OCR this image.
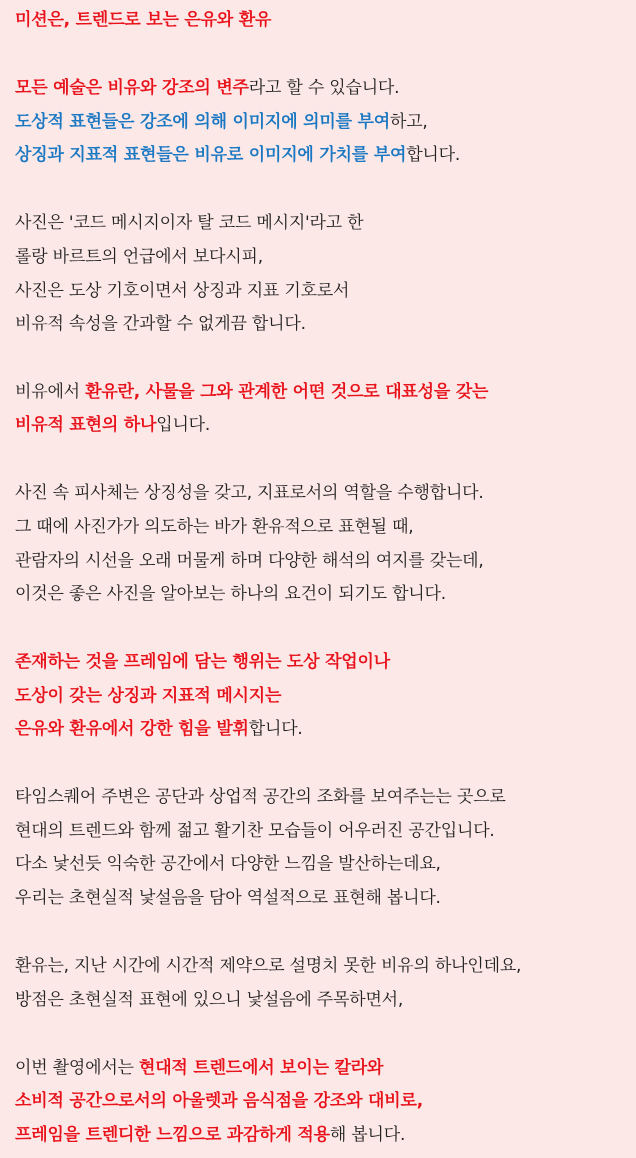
미션은, 트렌드로 보는 은유와 환유
모든 예술은 비유와 강조의 변주라고 할 수 있습니다.
도상적 표현들은 강조에 의해 이미지에 의미를 부여하고,
상징과 지표적 표현들은 비유로 이미지에 가치를 부여합니다.
사진은 '코드 메시지이자 탈 코드 메시지'라고 한
롤랑 바르트의 언급에서 보다시피,
사진은 도상 기호이면서 상징과 지표 기호로서
비유적 속성을 간과할 수 없게끔 합니다.
비유에서 환유란, 사물을 그와 관계한 어떤 것으로 대표성을 갖는
비유적 표현의 하나입니다.
사진 속 피사체는 상징성을 갖고, 지표로서의 역할을 수행합니다.
그 때에 사진가가 의도하는 바가 환유적으로 표현될 때,
관람자의 시선을 오래 머물게 하며 다양한 해석의 여지를 갖는데,
이것은 좋은 사진을 알아보는 하나의 요건이 되기도 합니다.
존재하는 것을 프레임에 담는 행위는 도상 작업이나
도상이 갖는 상징과 지표적 메시지는
은유와 환유에서 강한 힘을 발휘합니다.
타임스퀘어 주변은 공단과 상업적 공간의 조화를 보여주는는 곳으로
현대의 트렌드와 함께 젊고 활기찬 모습들이 어우러진 공간입니다.
다소 낯선듯 익숙한 공간에서 다양한 느낌을 발산하는데요,
우리는 초현실적 낯설음을 담아 역설적으로 표현해 봅니다.
환유는, 지난 시간에 시간적 제약으로 설명치 못한 비유의 하나인데요,
방점은 초현실적 표현에 있으니 낯설음에 주목하면서,
이번 촬영에서는 현대적 트렌드에서 보이는 칼라와
소비적 공간으로서의 아울렛과 음식점을 강조와 대비로,
프레임을 트렌디한 느낌으로 과감하게 적용해 봅니다.
